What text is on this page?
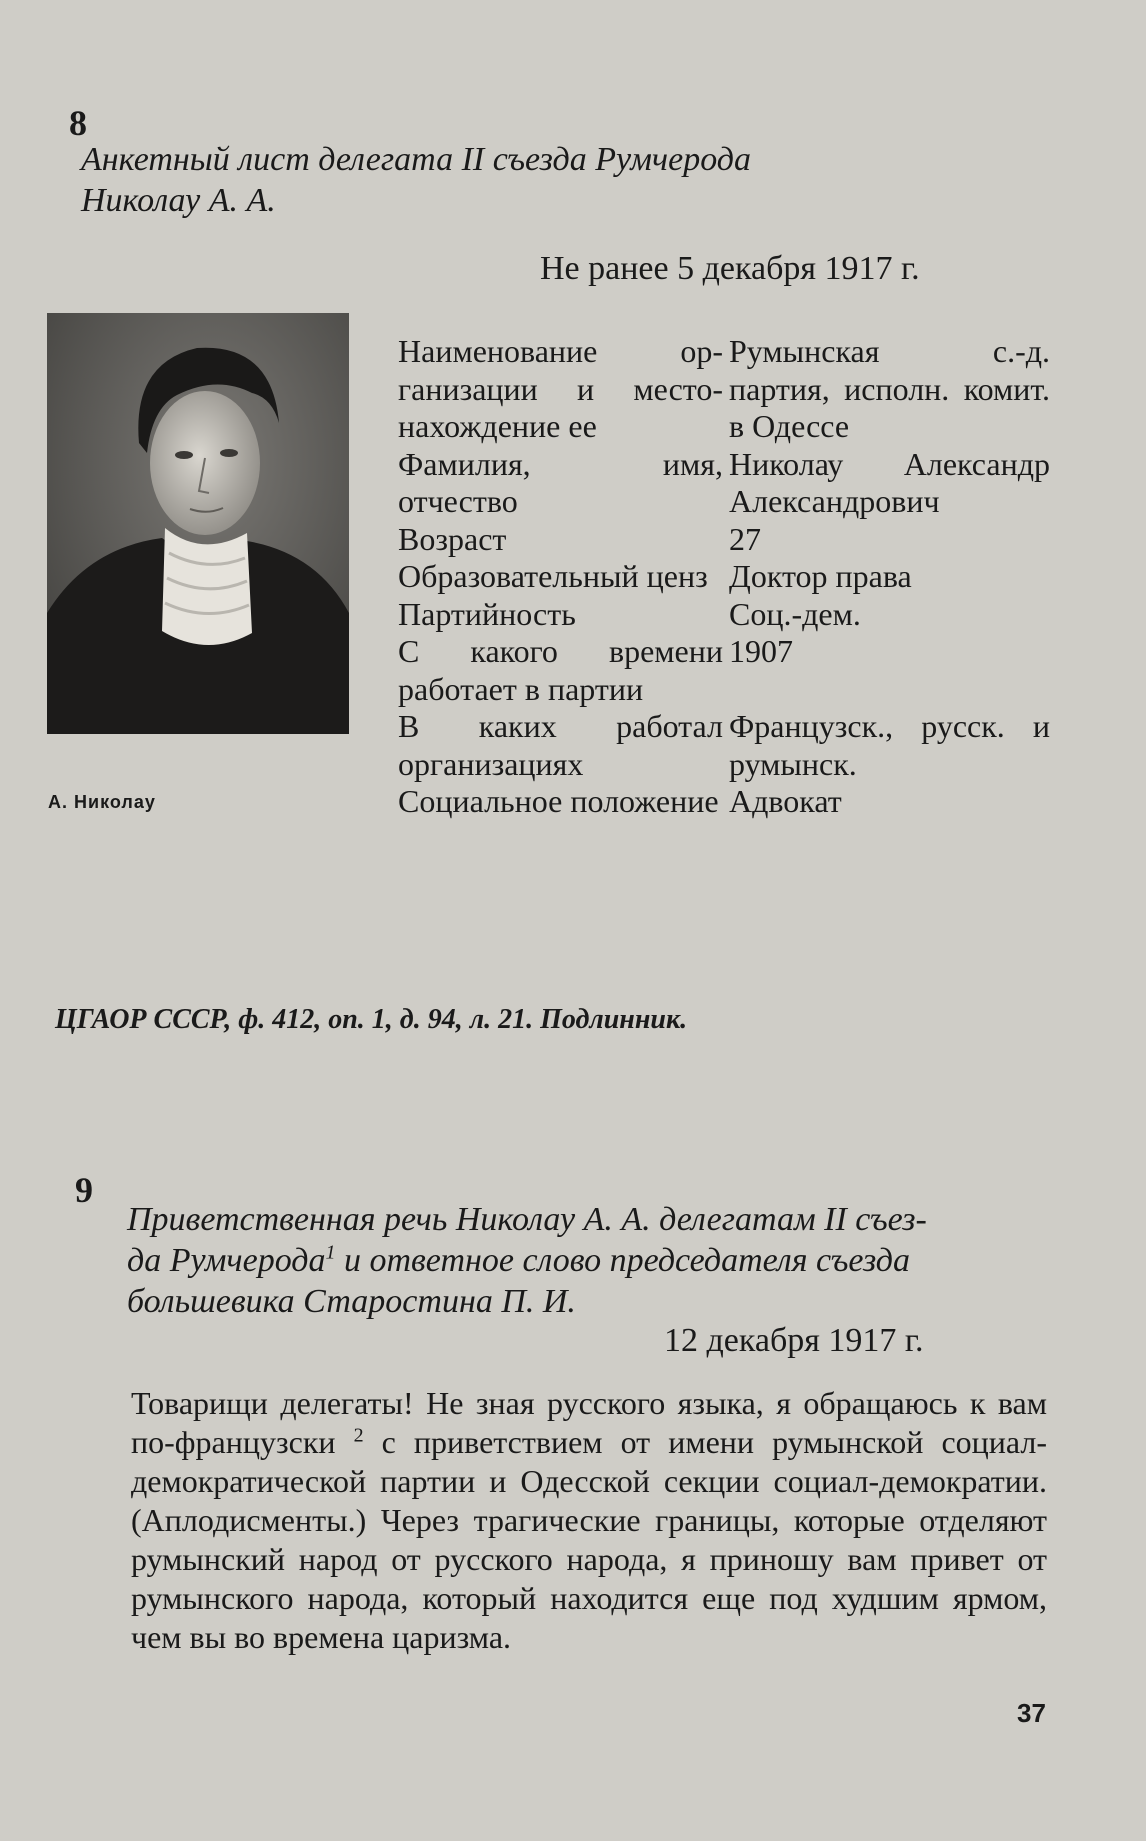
8
Анкетный лист делегата II съезда Румчерода
Николау А. А.
Не ранее 5 декабря 1917 г.
А. Николау
Наименование организации и местонахождение ее
Румынская с.-д. партия, исполн. комит. в Одессе
Фамилия, имя, отчество
Николау Александр Александрович
Возраст	27
Образовательный ценз Доктор права
Партийность	Соц.-дем.
С какого времени работает в партии
1907
В каких работал организациях
Французск., русск. и румынск.
Социальное положение Адвокат
ЦГАОР СССР, ф. 412, оп. 1, д. 94, л. 21. Подлинник.
9
Приветственная речь Николау А. А. делегатам II съез-
да Румчерода$^1$ и ответное слово председателя съезда
большевика Старостина П. И.
12 декабря 1917 г.
Товарищи делегаты! Не зная русского языка, я обращаюсь к вам по-французски $^2$ с приветствием от имени румынской социал-демократической партии и Одесской секции социал-демократии. (Аплодисменты.) Через трагические границы, которые отделяют румынский народ от русского народа, я приношу вам привет от румынского народа, который находится еще под худшим ярмом, чем вы во времена царизма.
37
